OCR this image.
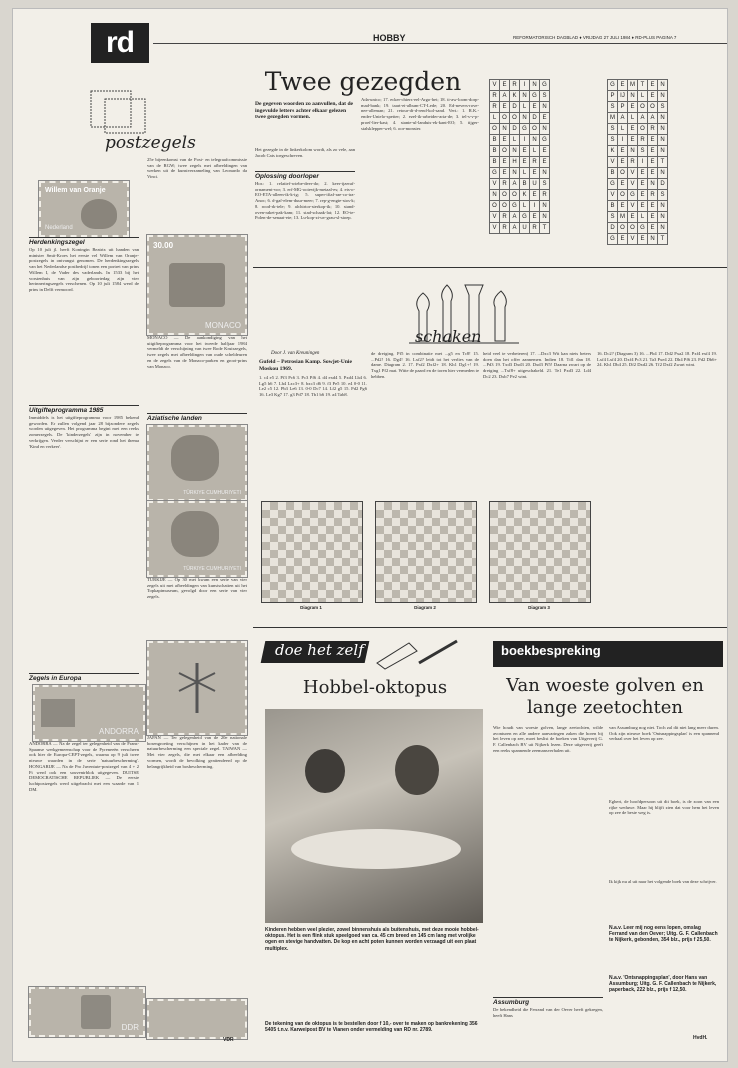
rd	HOBBY	REFORMATORISCH DAGBLAD ♦ VRIJDAG 27 JULI 1984 ♦ RD-PLUS PAGINA 7
postzegels
Willem van Oranje
Nederland
Herdenkingszegel
Op 10 juli jl. heeft Koningin Beatrix uit handen van minister Smit-Kroes het eerste vel Willem van Oranje-postzegels in ontvangst genomen. De herdenkingszegels van het Nederlandse postbedrijf tonen een portret van prins Willem I, de Vader des vaderlands. In 1533 bij het vorstenhuis van zijn geboortedag zijn vier herinneringszegels verschenen. Op 10 juli 1584 werd de prins in Delft vermoord.
Uitgifteprogramma 1985
Immiddels is het uitgifteprogramma voor 1985 bekend geworden. Er zullen volgend jaar 28 bijzondere zegels worden uitgegeven. Het programma begint met een reeks zomerzegels. De 'kinderzegels' zijn in november te verkrijgen. Verder verschijnt er een serie rond het thema 'Kind en verkeer'.
Zegels in Europa
ANDORRA
ANDORRA — Na de zegel ter gelegenheid van de Frans-Spaanse werkgemeenschap voor de Pyreneeën verscheen ook hier de Europa-CEPT-zegels, waarna op 9 juli twee nieuwe waarden in de serie 'natuurbescherming'. HONGARIJE — Na de Pro Juventute-postzegel van 4 + 2 Ft werd ook een souvenirblok uitgegeven. DUITSE DEMOCRATISCHE REPUBLIEK — De eerste luchtpostzegels werd uitgebracht met een waarde van 1 DM.
DDR
25e bijeenkomst van de Post- en telegraafcommissie van de RGW; twee zegels met afbeeldingen van werken uit de kunstverzameling van Leonardo da Vinci.
30.00
MONACO
MONACO — De aankondiging van het uitgifteprogramma voor het tweede halfjaar 1984 vermeldt de verschijning van twee Rode Kruiszegels, twee zegels met afbeeldingen van oude scheldeuren en de zegels van de Monaco-parken en groot-prins van Monaco.
Aziatische landen
TÜRKIYE CUMHURIYETI
TÜRKIYE CUMHURIYETI
TURKIJE — Op 30 mei kwam een serie van vier zegels uit met afbeeldingen van kunstschatten uit het Topkapimuseum, gevolgd door een serie van vier zegels.
JAPAN — Ter gelegenheid van de 20e nationale bosengroeiing verschijnen in het kader van de natuurbescherming een speciale zegel. TAIWAN — Met vier zegels, die met elkaar een afbeelding vormen, wordt de bevolking geattendeerd op de belangrijkheid van bosbescherming.
VDR
Twee gezegden
De gegeven woorden zo aanvullen, dat de ingevulde letters achter elkaar gelezen twee gezegden vormen.
Het gezegde in de linkerkolom wordt, als zo vele, aan Jacob Cats toegeschreven.
Oplossing doorloper
Hor.: 1. relatief-wiebe-deer-do; 2. keer-ijzeraf-ornament-vor; 3. erf-MG-ooievijk-metaal-es; 4. ets-o-EO-ETA-alleen-ik-k-ig; 5. super-ifiaf-rae-co-tra-Anoc; 6. d-gaf-elem-duur-meer; 7. rep-g-engte-stos-k; 8. rood-rk-tele; 9. alchirtor-sterkop-ik; 10. stand-oven-raket-pak-kam; 11. stad-schaak-lat; 12. EO-te-Polen-de-senaat-eie; 13. Lu-kop-zi-uv-grau-sl-stoep.
Ada-unico; 17. ecker-chiers-eel-Argo-het; 18. ti-aw-loom-dorp-mad-bank; 19. taart-ei-album-CT-Lede; 20. Ed-nevers-rove-nee-alleman; 21. retour-dt-d-rend-kol-sand. Vert.: 1. R.K.-ender-Unielo-spetter; 2. ezel-ik-arbeider-aria-de; 3. tel-s-v-p-proef-lier-kast; 4. stanie-ul-landuis-ek-kant-EO; 5. tijger-stalsklepper-wel; 6. oor-monster.
V	E	R	I	N	G
R	A	K	N	G	S
R	E	D	L	E	N
L	O	O	N	D	E
O	N	D	G	O	N
B	E	L	I	N	G
B	O	N	E	L	E
B	E	H	E	R	E
G	E	N	L	E	N
V	R	A	B	U	S
N	O	O	K	E	R
O	O	G	L	I	N
V	R	A	G	E	N
V	R	A	U	R	T
G	E	M	T	E	N
P	IJ	N	L	E	N
S	P	E	O	O	S
M	A	L	A	A	N
S	L	E	O	R	N
S	I	E	R	E	N
K	E	N	S	E	N
V	E	R	I	E	T
B	O	V	E	E	N
G	E	V	E	N	D
V	O	G	E	R	S
B	E	V	E	E	N
S	M	E	L	E	N
D	O	O	G	E	N
G	E	V	E	N	T
schaken
Door J. van Kreuningen
Gufeld – Petrosian Kamp. Sowjet-Unie Moskou 1969.
1. c4 e5 2. Pf3 Pc6 3. Pc3 Pf6 4. d4 exd4 5. Pxd4 Lb4 6. Lg5 h6 7. Lh4 Lxc3+ 8. bxc3 d6 9. f3 Pe5 10. e4 0-0 11. Le2 c5 12. Pb3 Le6 13. 0-0 Dc7 14. Lf2 g5 15. Pd2 Pg6 16. Le3 Kg7 17. g3 Pd7 18. Tb1 b6 19. a4 Tab8.
de dreiging. Pf5 in combinatie met ...g5 en Tc8! 15. ...Pd2! 16. Dg4! 16. Lxf2? leidt tot het verlies van de dame. Diagram 2. 17. Pxf2 Dxf2+ 18. Kh1 Dg1+! 19. Txg1 Pf2 mat. Witte de paard en de toren hier vermeden te hebben.
heid veel te verbeteren) 17. ...Dxc3 Wit kan niets beters doen dan het offer aannemen. Indien 18. Td1 dan 18. ...Pd3 19. Txd3 Dxd3 20. Dxd3 Pf5! Daarna zwart op de dreiging ...Txf8+ uitgeschakeld. 21. Te1 Pxd3 22. Ld4 Dc2 23. Dxb7 Pe2 wint.
16. Dc2? (Diagram 3) 16. ...Pb4 17. Dd2 Pxa2 18. Pxf4 exf4 19. Lxf4 Lxf4 20. Dxf4 Pc3 21. Ta3 Pxe4 22. Dh4 Pf6 23. Pd2 Db6+ 24. Kh1 Db4 25. Df2 Dxd2 26. Tf2 Dxf2 Zwart wint.
Diagram 1	Diagram 2	Diagram 3
doe het zelf
Hobbel-oktopus
Kinderen hebben veel plezier, zowel binnenshuis als buitenshuis, met deze mooie hobbel-oktopus. Het is een flink stuk speelgoed van ca. 45 cm breed en 145 cm lang met vrolijke ogen en stevige handvatten. De kop en acht poten kunnen worden verzaagd uit een plaat multiplex.
De tekening van de oktopus is te bestellen door f 10,- over te maken op bankrekening 356 5405 t.n.v. Karweipost BV te Vianen onder vermelding van RD nr. 2789.
boekbespreking
Van woeste golven en lange zeetochten
Wie houdt van woeste golven, lange zeetochten, wilde avonturen en alle andere aanvaringen zaken die horen bij het leven op zee, moet beslist de boeken van Uitgeverij G. F. Callenbach BV uit Nijkerk lezen. Deze uitgeverij geeft een reeks spannende zeemansverhalen uit.
Assumburg
De bekendheid die Ferrand van der Oever heeft gekregen, heeft Hans
van Assumburg nog niet. Toch zal dit niet lang meer duren. Ook zijn nieuwe boek 'Ontsnappingsplan' is een spannend verhaal over het leven op zee.
Eghert, de hoofdpersoon uit dit boek, is de zoon van een rijke weduwe. Maar hij blijft zien dat voor hem het leven op zee de beste weg is.
Ik kijk nu al uit naar het volgende boek van deze schrijver.
N.a.v. Leer mij nog eens lopen, omslag Ferrand van den Oever; Uitg. G. F. Callenbach te Nijkerk, gebonden, 354 blz., prijs f 25,50.
N.a.v. 'Ontsnappingsplan', door Hans van Assumburg; Uitg. G. F. Callenbach te Nijkerk, paperback, 222 blz., prijs f 12,50.
HvdH.
